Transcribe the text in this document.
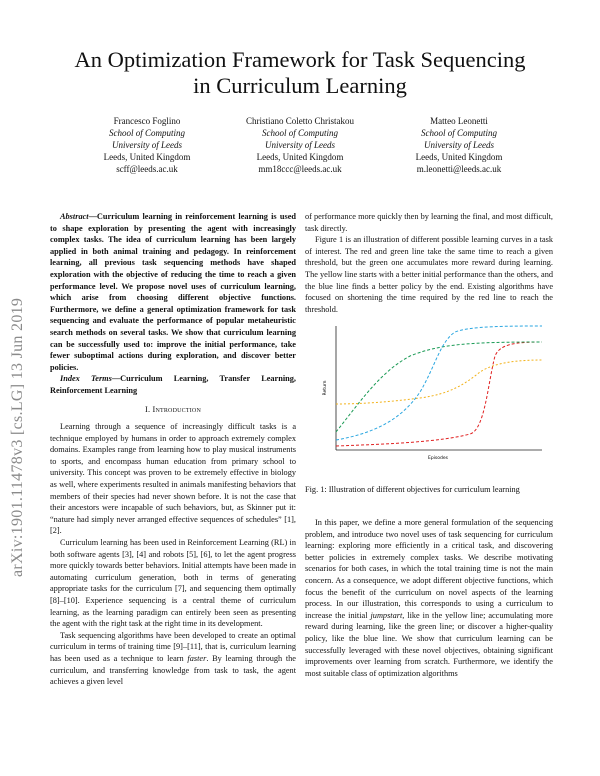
An Optimization Framework for Task Sequencing
in Curriculum Learning
Francesco Foglino
School of Computing
University of Leeds
Leeds, United Kingdom
scff@leeds.ac.uk
Christiano Coletto Christakou
School of Computing
University of Leeds
Leeds, United Kingdom
mm18ccc@leeds.ac.uk
Matteo Leonetti
School of Computing
University of Leeds
Leeds, United Kingdom
m.leonetti@leeds.ac.uk
arXiv:1901.11478v3 [cs.LG] 13 Jun 2019

Abstract—Curriculum learning in reinforcement learning is used to shape exploration by presenting the agent with increasingly complex tasks. The idea of curriculum learning has been largely applied in both animal training and pedagogy. In reinforcement learning, all previous task sequencing methods have shaped exploration with the objective of reducing the time to reach a given performance level. We propose novel uses of curriculum learning, which arise from choosing different objective functions. Furthermore, we define a general optimization framework for task sequencing and evaluate the performance of popular metaheuristic search methods on several tasks. We show that curriculum learning can be successfully used to: improve the initial performance, take fewer suboptimal actions during exploration, and discover better policies.

Index Terms—Curriculum Learning, Transfer Learning, Reinforcement Learning

I. Introduction

Learning through a sequence of increasingly difficult tasks is a technique employed by humans in order to approach extremely complex domains. Examples range from learning how to play musical instruments to sports, and encompass human education from primary school to university. This concept was proven to be extremely effective in biology as well, where experiments resulted in animals manifesting behaviors that members of their species had never shown before. It is not the case that their ancestors were incapable of such behaviors, but, as Skinner put it: “nature had simply never arranged effective sequences of schedules” [1], [2].

Curriculum learning has been used in Reinforcement Learning (RL) in both software agents [3], [4] and robots [5], [6], to let the agent progress more quickly towards better behaviors. Initial attempts have been made in automating curriculum generation, both in terms of generating appropriate tasks for the curriculum [7], and sequencing them optimally [8]–[10]. Experience sequencing is a central theme of curriculum learning, as the learning paradigm can entirely been seen as presenting the agent with the right task at the right time in its development.

Task sequencing algorithms have been developed to create an optimal curriculum in terms of training time [9]–[11], that is, curriculum learning has been used as a technique to learn faster. By learning through the curriculum, and transferring knowledge from task to task, the agent achieves a given level

of performance more quickly then by learning the final, and most difficult, task directly.

Figure 1 is an illustration of different possible learning curves in a task of interest. The red and green line take the same time to reach a given threshold, but the green one accumulates more reward during learning. The yellow line starts with a better initial performance than the others, and the blue line finds a better policy by the end. Existing algorithms have focused on shortening the time required by the red line to reach the threshold.

Return
Episodes
Fig. 1: Illustration of different objectives for curriculum learning

In this paper, we define a more general formulation of the sequencing problem, and introduce two novel uses of task sequencing for curriculum learning: exploring more efficiently in a critical task, and discovering better policies in extremely complex tasks. We describe motivating scenarios for both cases, in which the total training time is not the main concern. As a consequence, we adopt different objective functions, which focus the benefit of the curriculum on novel aspects of the learning process. In our illustration, this corresponds to using a curriculum to increase the initial jumpstart, like in the yellow line; accumulating more reward during learning, like the green line; or discover a higher-quality policy, like the blue line. We show that curriculum learning can be successfully leveraged with these novel objectives, obtaining significant improvements over learning from scratch. Furthermore, we identify the most suitable class of optimization algorithms
